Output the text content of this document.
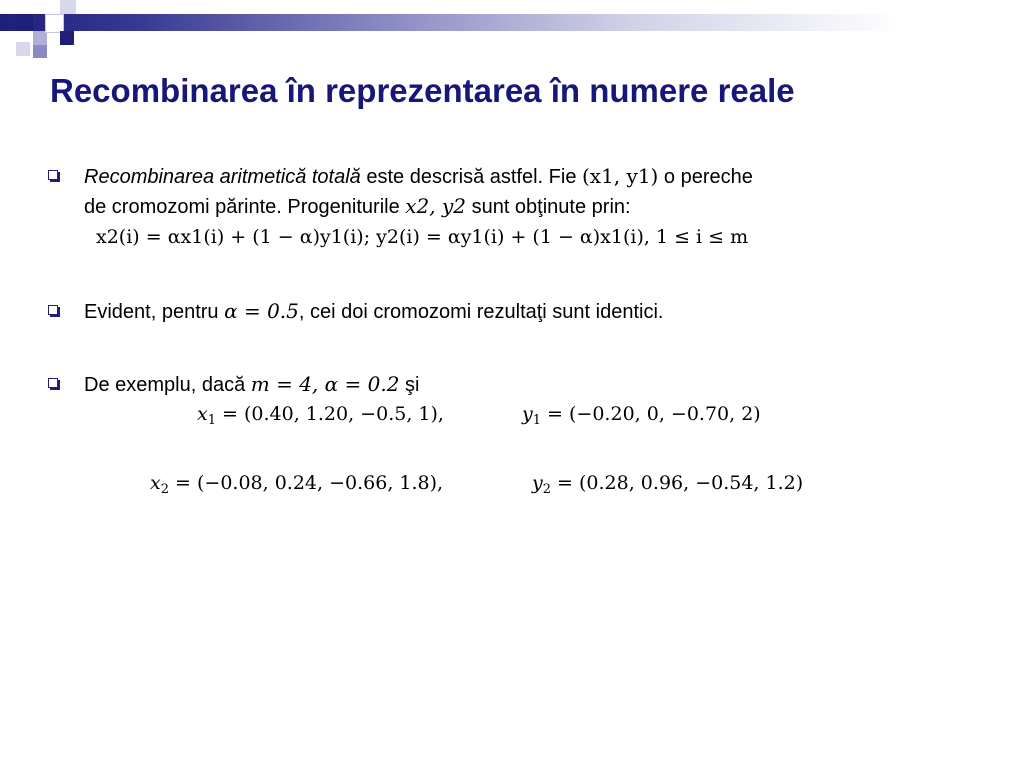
Recombinarea în reprezentarea în numere reale
Recombinarea aritmetică totală este descrisă astfel. Fie (x1, y1) o pereche
de cromozomi părinte. Progeniturile x2, y2 sunt obţinute prin:
x2(i) = αx1(i) + (1 − α)y1(i); y2(i) = αy1(i) + (1 − α)x1(i), 1 ≤ i ≤ m
Evident, pentru α = 0.5, cei doi cromozomi rezultaţi sunt identici.
De exemplu, dacă m = 4, α = 0.2 şi
$x_1 = (0.40$, 1.20, −0.5, 1),	$y_1 = (-0.20$, 0, −0.70, 2)
$x_2 = (-0.08$, 0.24, −0.66, 1.8),	$y_2 = (0.28$, 0.96, −0.54, 1.2)
